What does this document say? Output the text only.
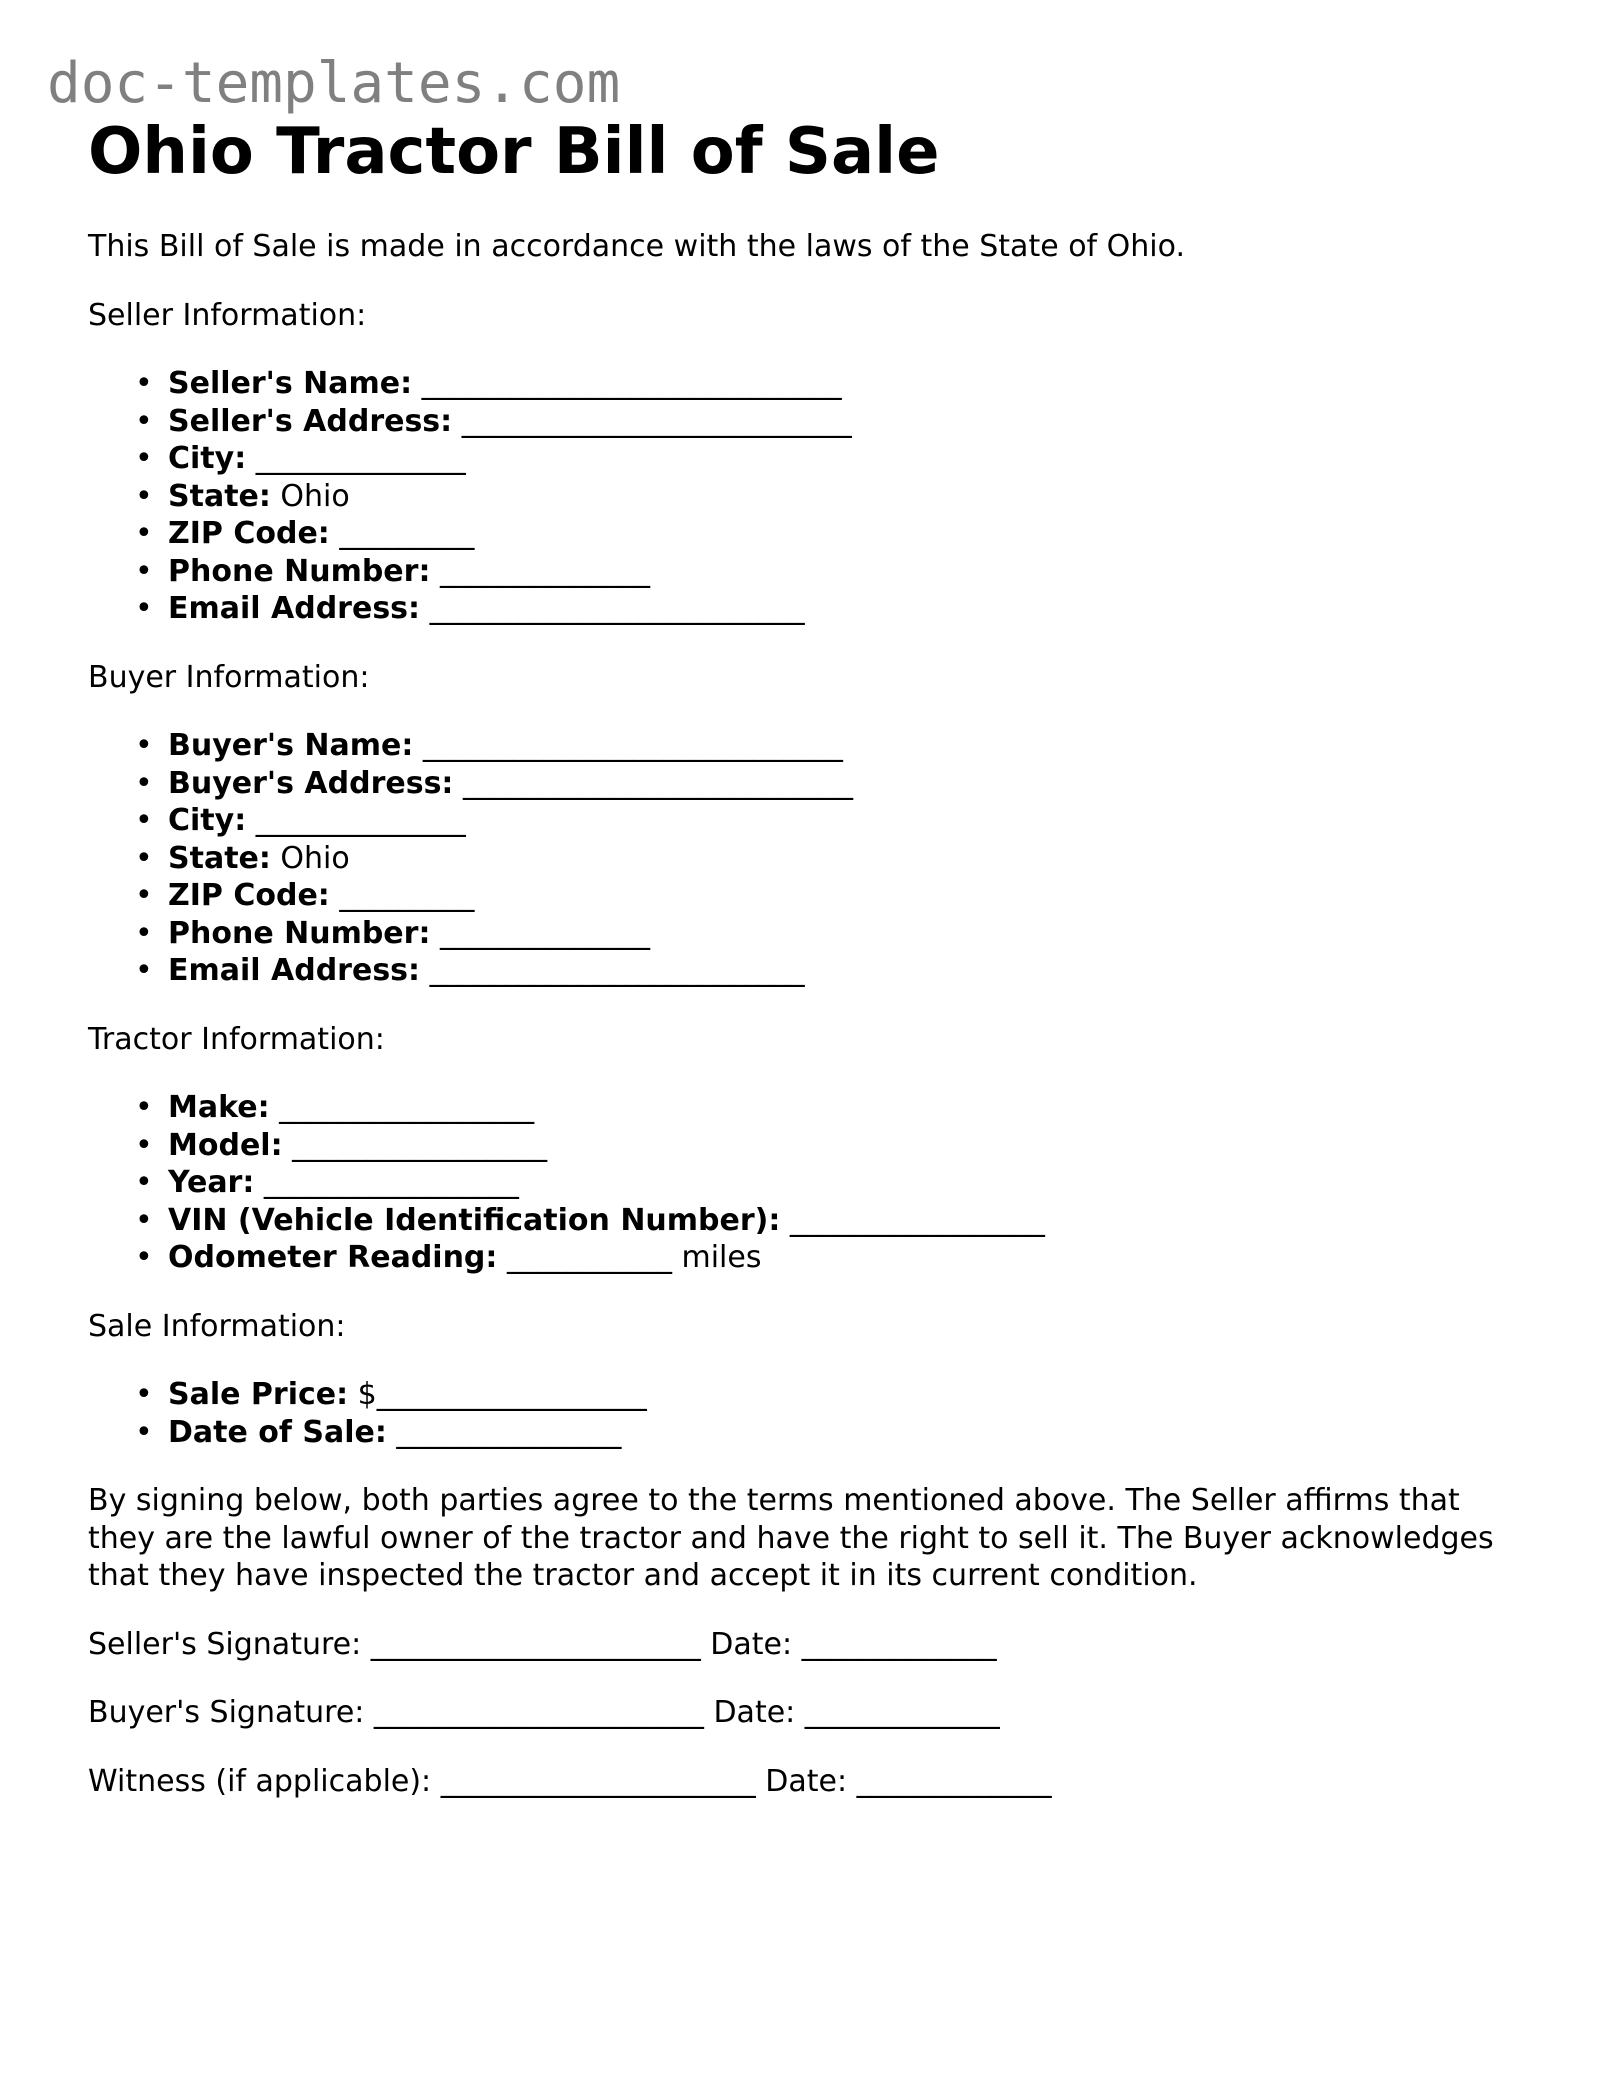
doc-templates.com
Ohio Tractor Bill of Sale

This Bill of Sale is made in accordance with the laws of the State of Ohio.

Seller Information:

• Seller's Name: ____________________________
• Seller's Address: __________________________
• City: ______________
• State: Ohio
• ZIP Code: _________
• Phone Number: ______________
• Email Address: _________________________

Buyer Information:

• Buyer's Name: ____________________________
• Buyer's Address: __________________________
• City: ______________
• State: Ohio
• ZIP Code: _________
• Phone Number: ______________
• Email Address: _________________________

Tractor Information:

• Make: _________________
• Model: _________________
• Year: _________________
• VIN (Vehicle Identification Number): _________________
• Odometer Reading: ___________ miles

Sale Information:

• Sale Price: $__________________
• Date of Sale: _______________

By signing below, both parties agree to the terms mentioned above. The Seller affirms that they are the lawful owner of the tractor and have the right to sell it. The Buyer acknowledges that they have inspected the tractor and accept it in its current condition.

Seller's Signature: ______________________ Date: _____________

Buyer's Signature: ______________________ Date: _____________

Witness (if applicable): _____________________ Date: _____________
